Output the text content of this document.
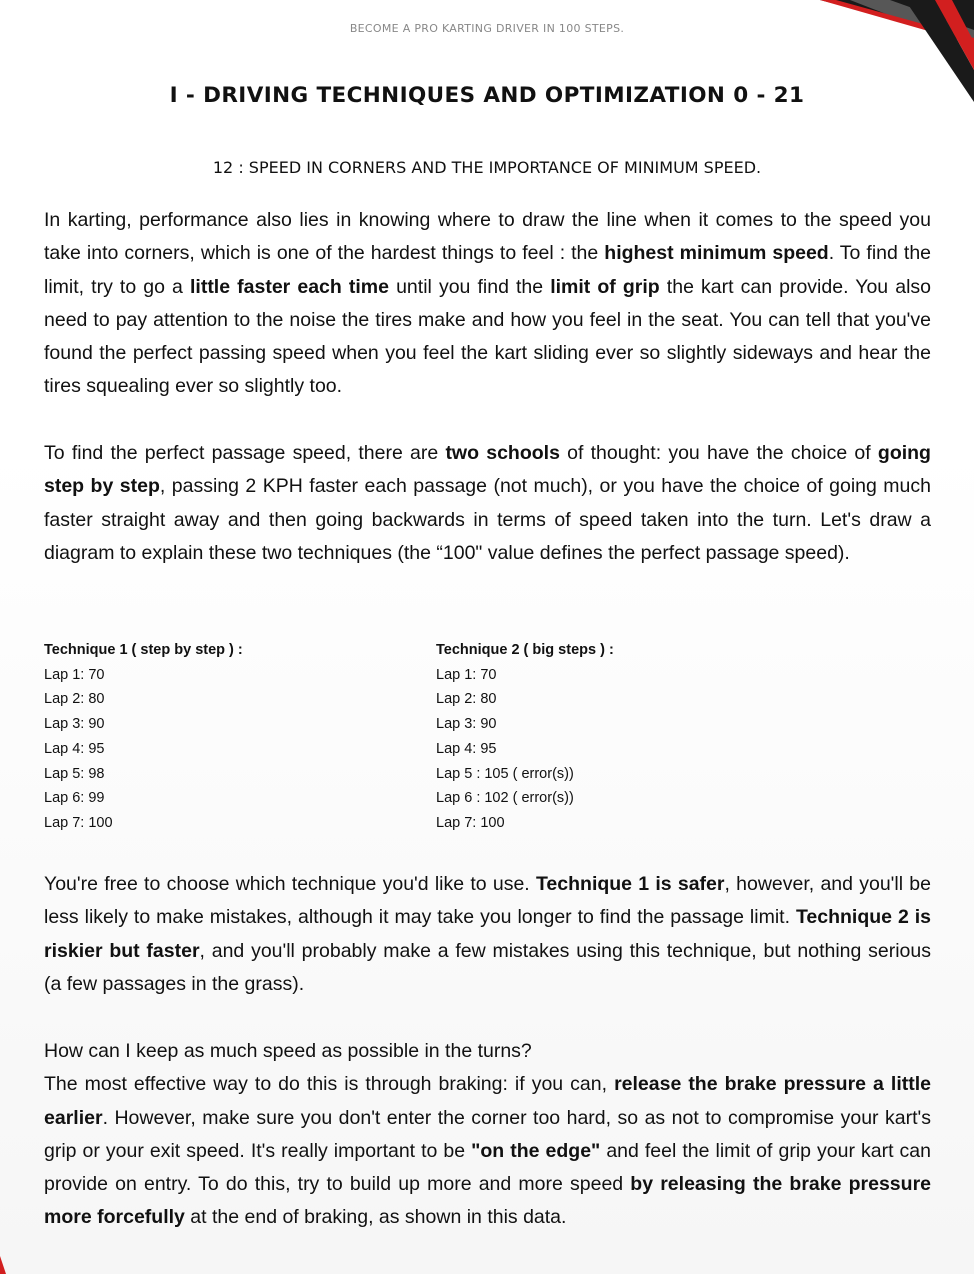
BECOME A PRO KARTING DRIVER IN 100 STEPS.
I - DRIVING TECHNIQUES AND OPTIMIZATION 0 - 21
12 : SPEED IN CORNERS AND THE IMPORTANCE OF MINIMUM SPEED.

In karting, performance also lies in knowing where to draw the line when it comes to the speed you take into corners, which is one of the hardest things to feel : the highest minimum speed. To find the limit, try to go a little faster each time until you find the limit of grip the kart can provide. You also need to pay attention to the noise the tires make and how you feel in the seat. You can tell that you've found the perfect passing speed when you feel the kart sliding ever so slightly sideways and hear the tires squealing ever so slightly too.

To find the perfect passage speed, there are two schools of thought: you have the choice of going step by step, passing 2 KPH faster each passage (not much), or you have the choice of going much faster straight away and then going backwards in terms of speed taken into the turn. Let's draw a diagram to explain these two techniques (the “100" value defines the perfect passage speed).

Technique 1 ( step by step ) :
Lap 1: 70
Lap 2: 80
Lap 3: 90
Lap 4: 95
Lap 5: 98
Lap 6: 99
Lap 7: 100
Technique 2 ( big steps ) :
Lap 1: 70
Lap 2: 80
Lap 3: 90
Lap 4: 95
Lap 5 : 105 ( error(s))
Lap 6 : 102 ( error(s))
Lap 7: 100

You're free to choose which technique you'd like to use. Technique 1 is safer, however, and you'll be less likely to make mistakes, although it may take you longer to find the passage limit. Technique 2 is riskier but faster, and you'll probably make a few mistakes using this technique, but nothing serious (a few passages in the grass).

How can I keep as much speed as possible in the turns?
The most effective way to do this is through braking: if you can, release the brake pressure a little earlier. However, make sure you don't enter the corner too hard, so as not to compromise your kart's grip or your exit speed. It's really important to be "on the edge" and feel the limit of grip your kart can provide on entry. To do this, try to build up more and more speed by releasing the brake pressure more forcefully at the end of braking, as shown in this data.
